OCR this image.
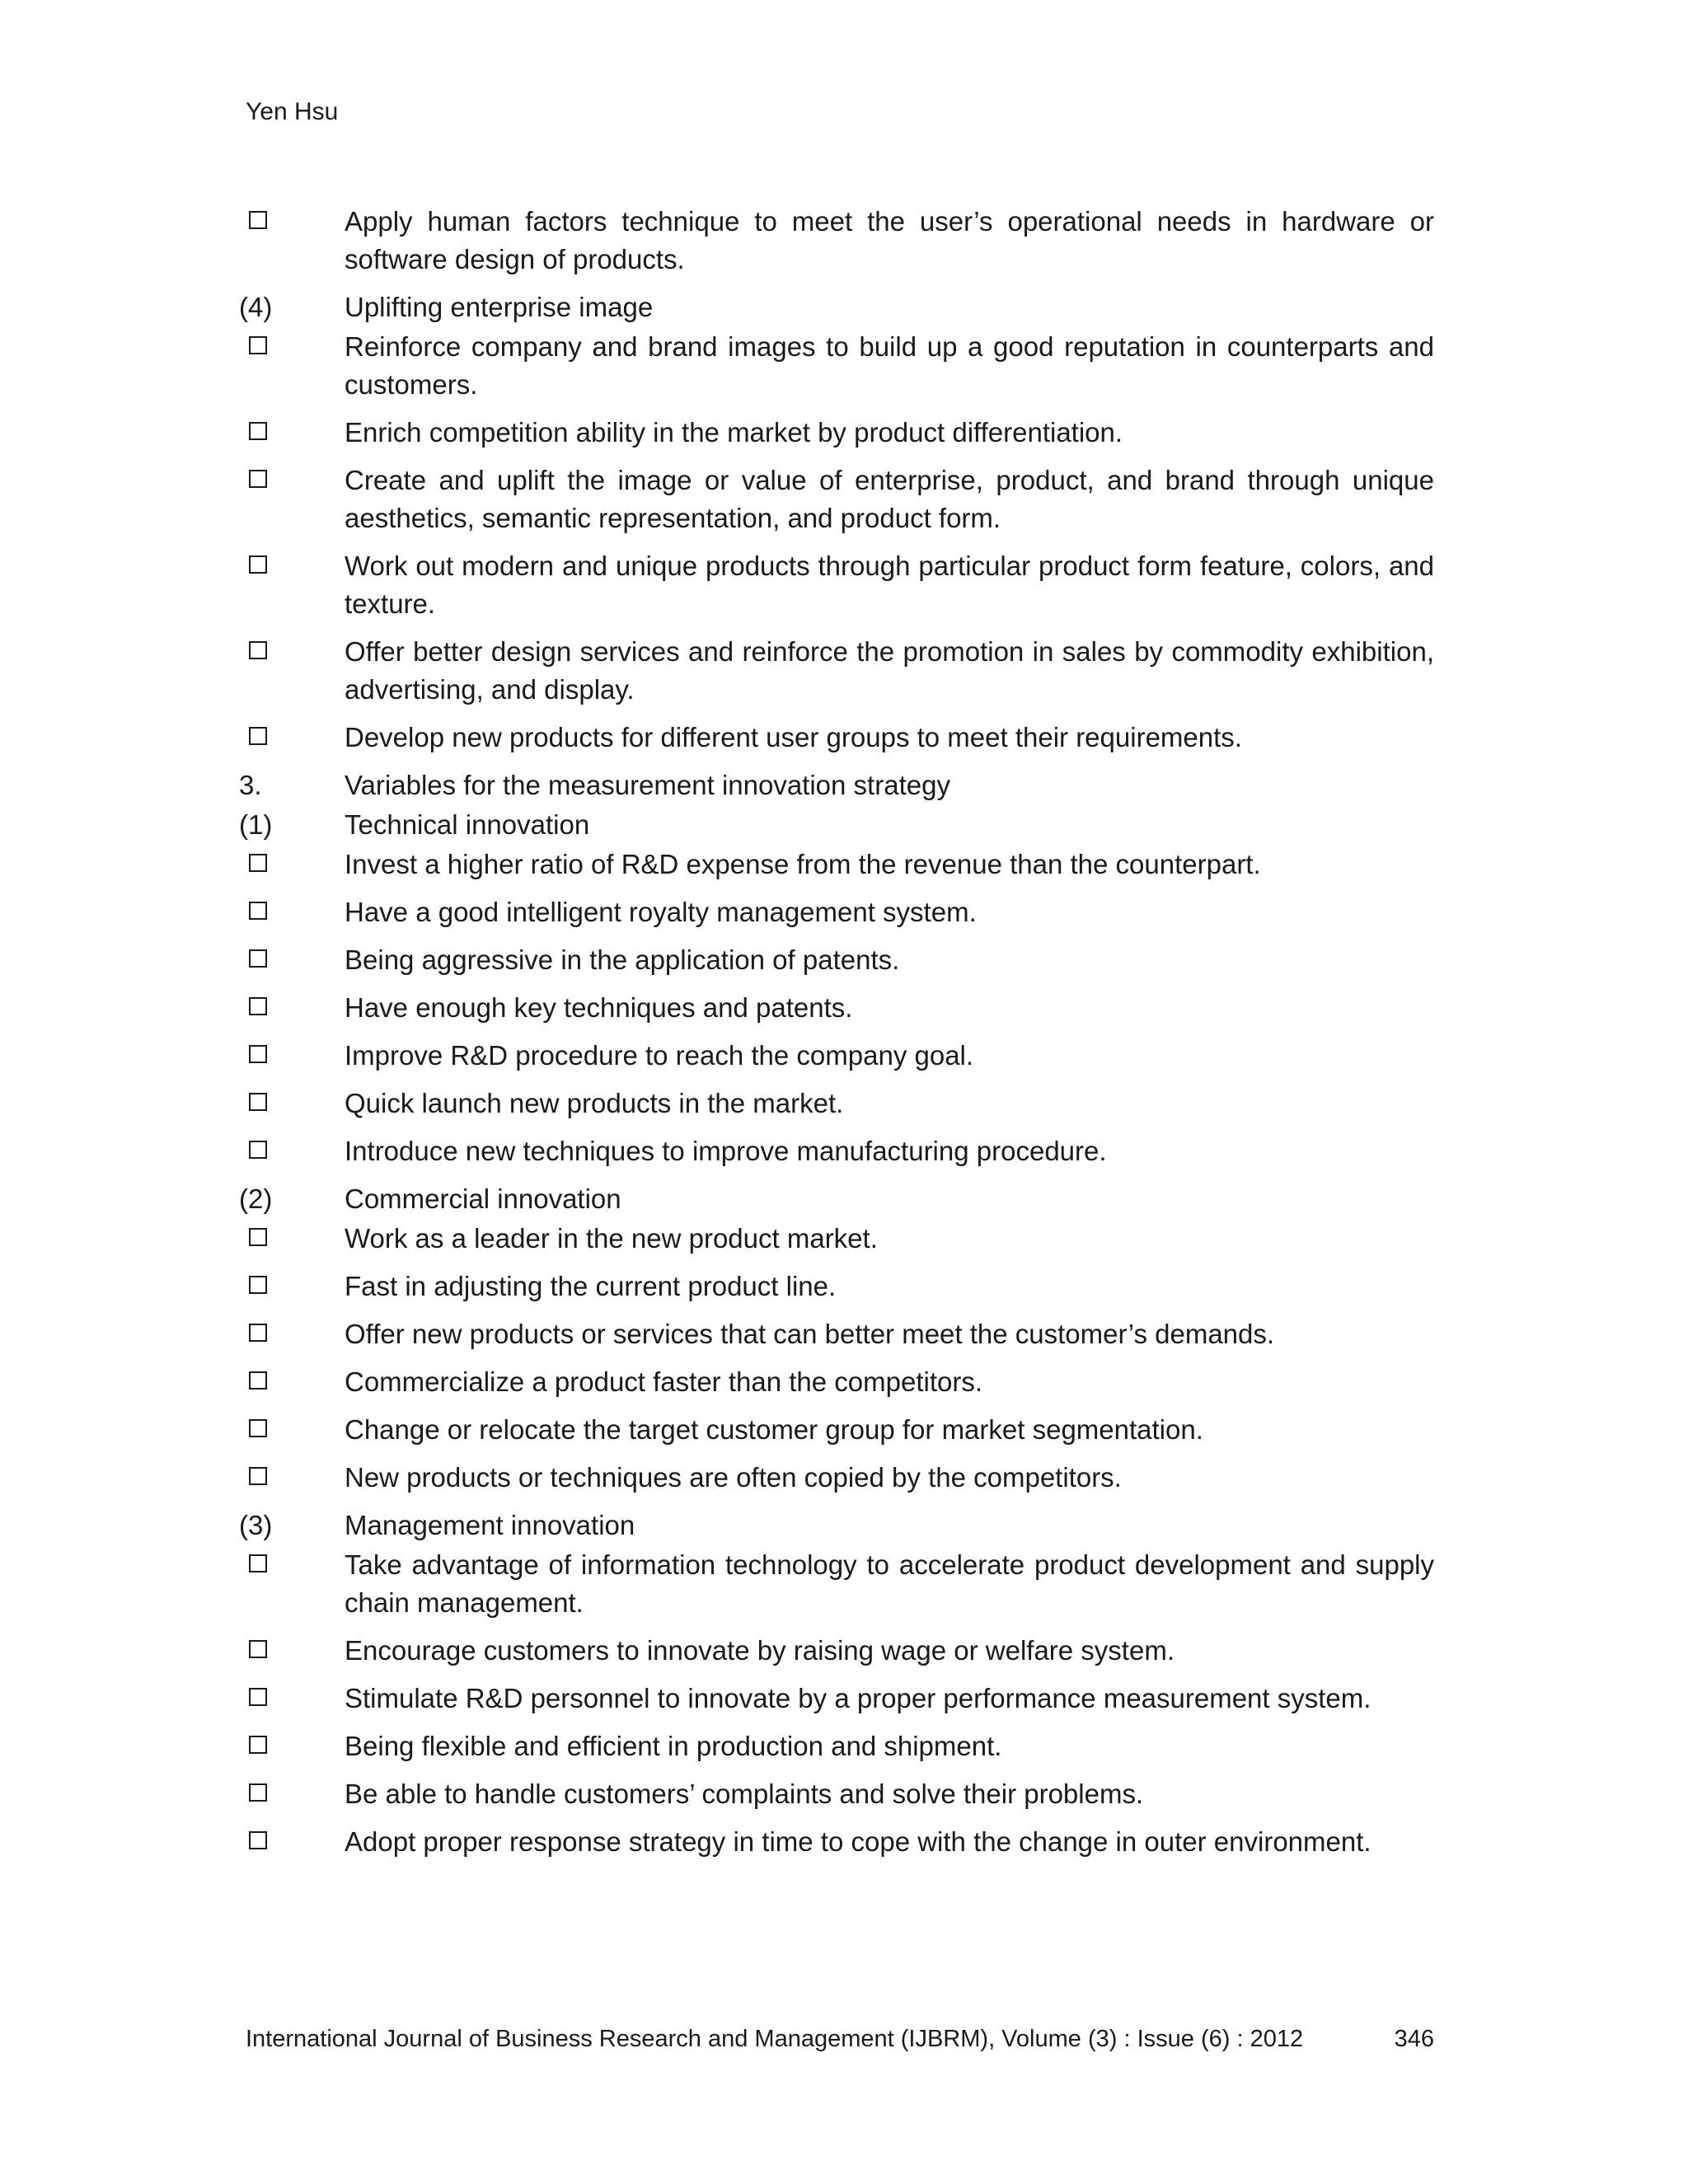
Yen Hsu
Apply human factors technique to meet the user’s operational needs in hardware or software design of products.
(4)	Uplifting enterprise image
Reinforce company and brand images to build up a good reputation in counterparts and customers.
Enrich competition ability in the market by product differentiation.
Create and uplift the image or value of enterprise, product, and brand through unique aesthetics, semantic representation, and product form.
Work out modern and unique products through particular product form feature, colors, and texture.
Offer better design services and reinforce the promotion in sales by commodity exhibition, advertising, and display.
Develop new products for different user groups to meet their requirements.
3.	Variables for the measurement innovation strategy
(1)	Technical innovation
Invest a higher ratio of R&D expense from the revenue than the counterpart.
Have a good intelligent royalty management system.
Being aggressive in the application of patents.
Have enough key techniques and patents.
Improve R&D procedure to reach the company goal.
Quick launch new products in the market.
Introduce new techniques to improve manufacturing procedure.
(2)	Commercial innovation
Work as a leader in the new product market.
Fast in adjusting the current product line.
Offer new products or services that can better meet the customer’s demands.
Commercialize a product faster than the competitors.
Change or relocate the target customer group for market segmentation.
New products or techniques are often copied by the competitors.
(3)	Management innovation
Take advantage of information technology to accelerate product development and supply chain management.
Encourage customers to innovate by raising wage or welfare system.
Stimulate R&D personnel to innovate by a proper performance measurement system.
Being flexible and efficient in production and shipment.
Be able to handle customers’ complaints and solve their problems.
Adopt proper response strategy in time to cope with the change in outer environment.
International Journal of Business Research and Management (IJBRM), Volume (3) : Issue (6) : 2012	346
